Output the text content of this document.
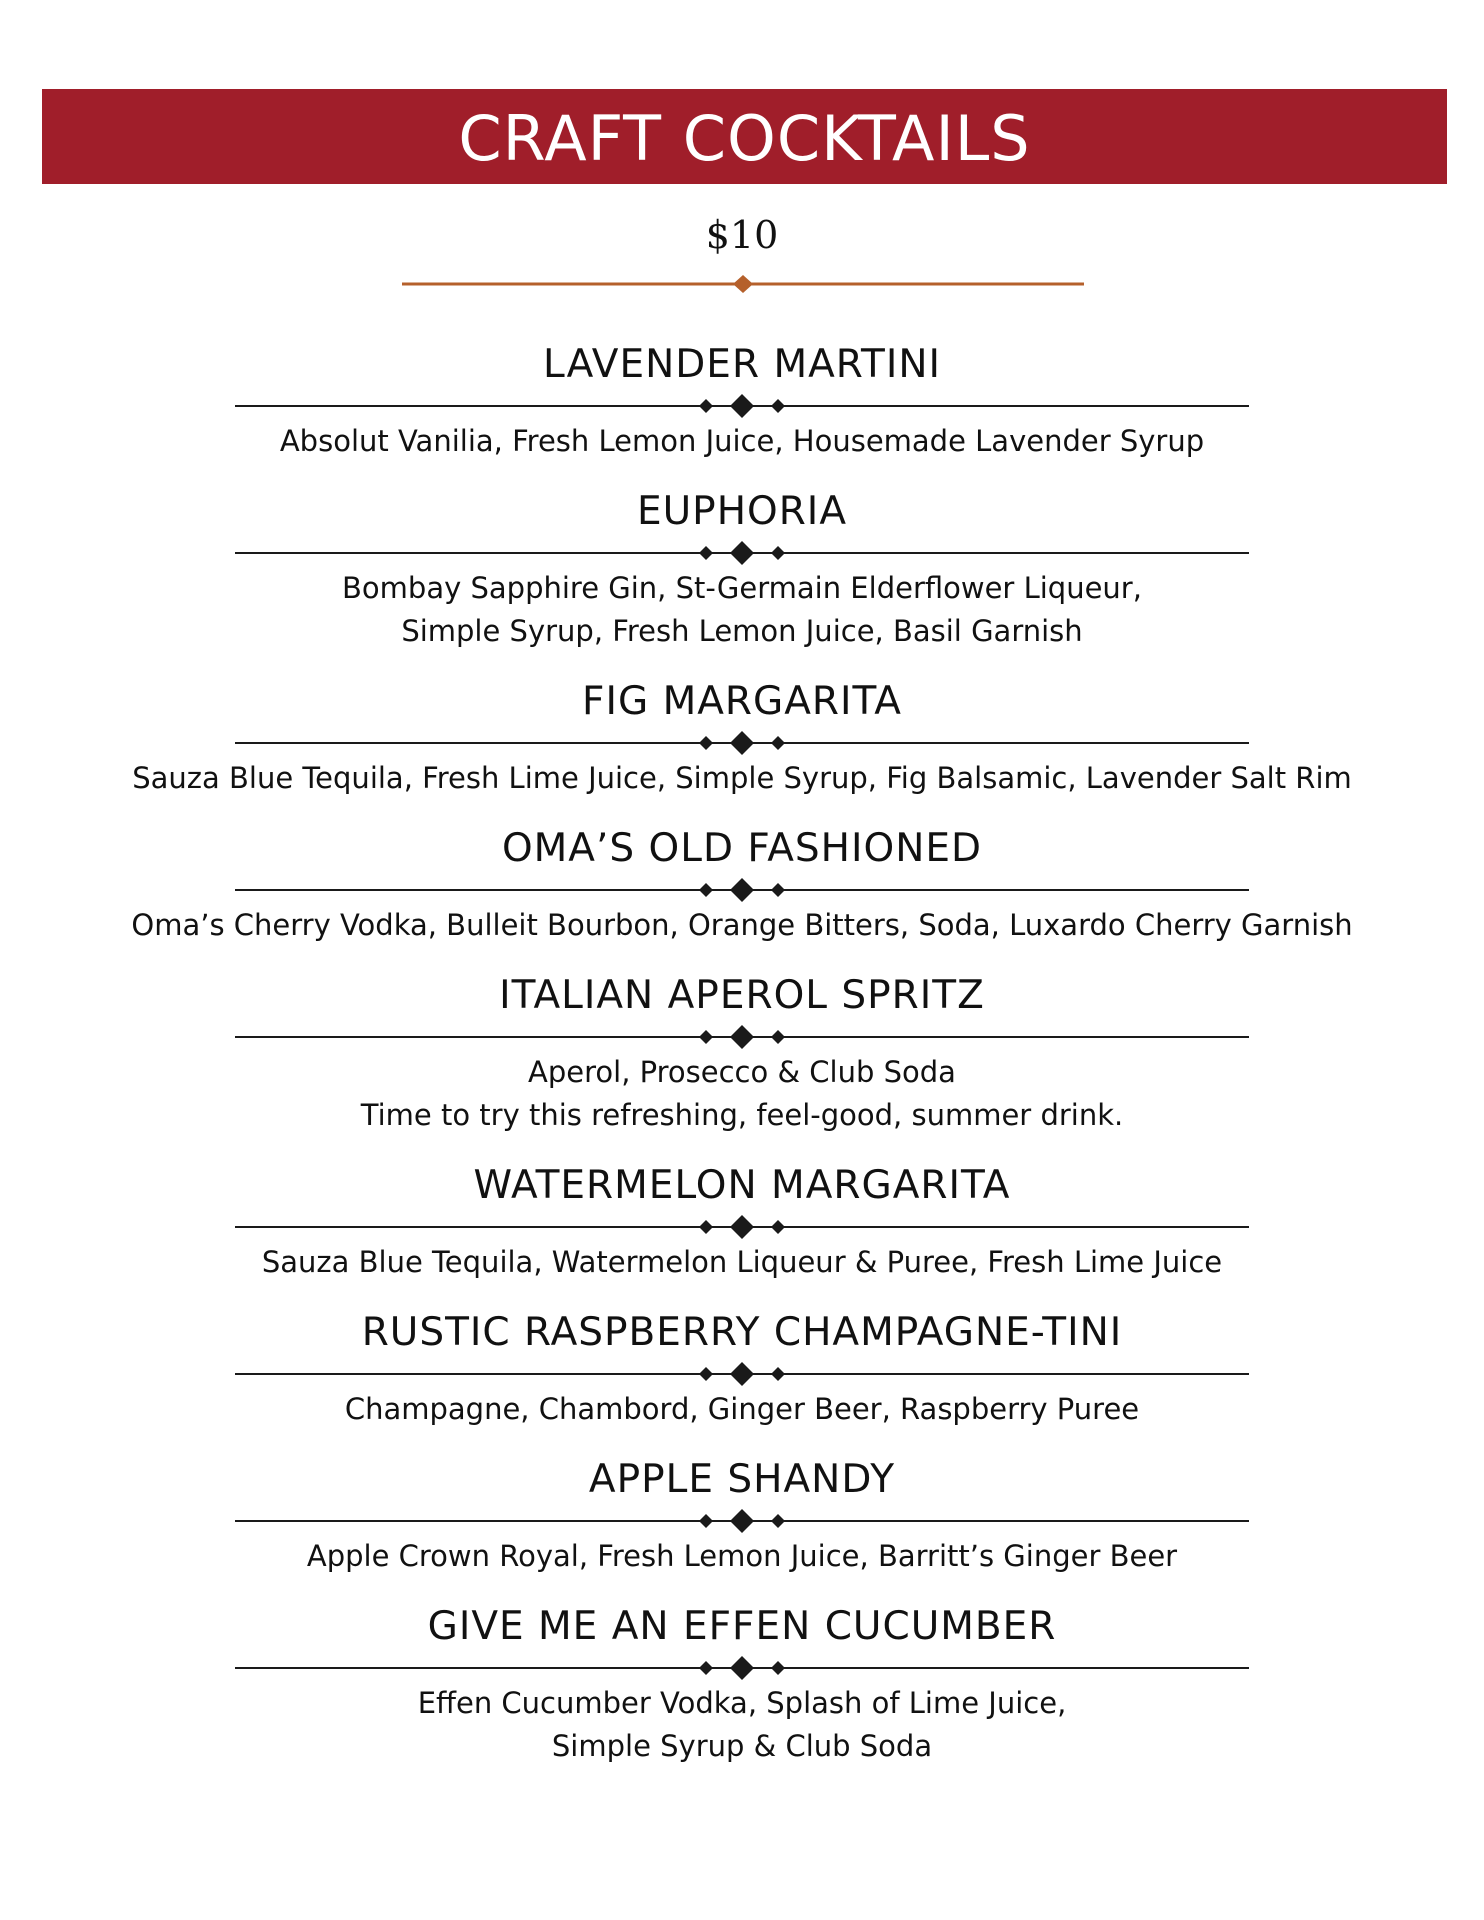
CRAFT COCKTAILS
$10
LAVENDER MARTINI
Absolut Vanilia, Fresh Lemon Juice, Housemade Lavender Syrup
EUPHORIA
Bombay Sapphire Gin, St-Germain Elderflower Liqueur,
Simple Syrup, Fresh Lemon Juice, Basil Garnish
FIG MARGARITA
Sauza Blue Tequila, Fresh Lime Juice, Simple Syrup, Fig Balsamic, Lavender Salt Rim
OMA’S OLD FASHIONED
Oma’s Cherry Vodka, Bulleit Bourbon, Orange Bitters, Soda, Luxardo Cherry Garnish
ITALIAN APEROL SPRITZ
Aperol, Prosecco & Club Soda
Time to try this refreshing, feel-good, summer drink.
WATERMELON MARGARITA
Sauza Blue Tequila, Watermelon Liqueur & Puree, Fresh Lime Juice
RUSTIC RASPBERRY CHAMPAGNE-TINI
Champagne, Chambord, Ginger Beer, Raspberry Puree
APPLE SHANDY
Apple Crown Royal, Fresh Lemon Juice, Barritt’s Ginger Beer
GIVE ME AN EFFEN CUCUMBER
Effen Cucumber Vodka, Splash of Lime Juice,
Simple Syrup & Club Soda
